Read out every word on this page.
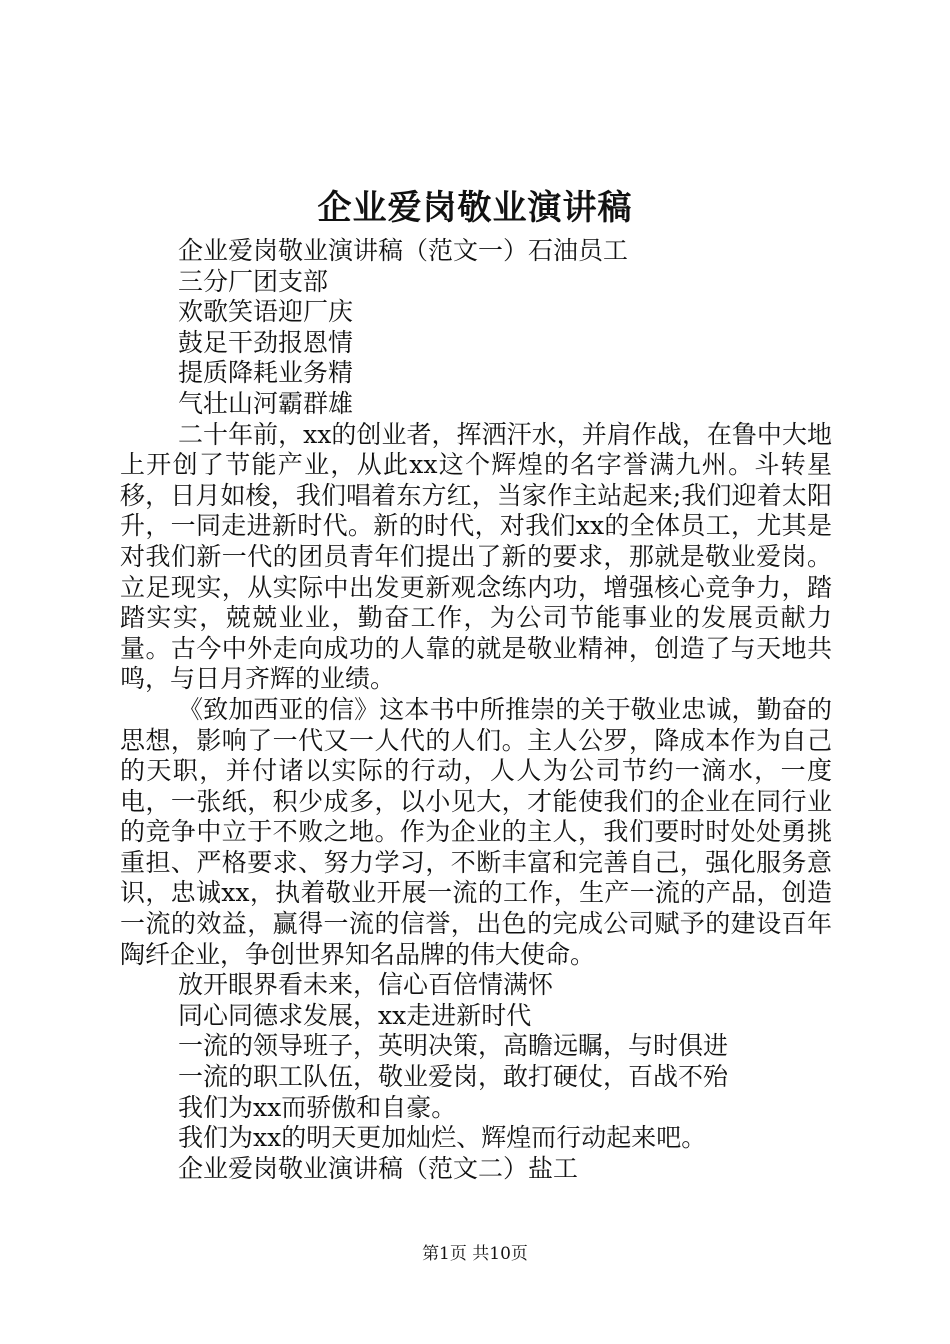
企业爱岗敬业演讲稿

企业爱岗敬业演讲稿（范文一）石油员工

三分厂团支部

欢歌笑语迎厂庆

鼓足干劲报恩情

提质降耗业务精

气壮山河霸群雄

二十年前，xx的创业者，挥洒汗水，并肩作战，在鲁中大地上开创了节能产业，从此xx这个辉煌的名字誉满九州。斗转星移，日月如梭，我们唱着东方红，当家作主站起来;我们迎着太阳升，一同走进新时代。新的时代，对我们xx的全体员工，尤其是对我们新一代的团员青年们提出了新的要求，那就是敬业爱岗。立足现实，从实际中出发更新观念练内功，增强核心竞争力，踏踏实实，兢兢业业，勤奋工作，为公司节能事业的发展贡献力量。古今中外走向成功的人靠的就是敬业精神，创造了与天地共鸣，与日月齐辉的业绩。

《致加西亚的信》这本书中所推崇的关于敬业忠诚，勤奋的思想，影响了一代又一人代的人们。主人公罗，降成本作为自己的天职，并付诸以实际的行动，人人为公司节约一滴水，一度电，一张纸，积少成多，以小见大，才能使我们的企业在同行业的竞争中立于不败之地。作为企业的主人，我们要时时处处勇挑重担、严格要求、努力学习，不断丰富和完善自己，强化服务意识，忠诚xx，执着敬业开展一流的工作，生产一流的产品，创造一流的效益，赢得一流的信誉，出色的完成公司赋予的建设百年陶纤企业，争创世界知名品牌的伟大使命。

放开眼界看未来，信心百倍情满怀

同心同德求发展，xx走进新时代

一流的领导班子，英明决策，高瞻远瞩，与时俱进

一流的职工队伍，敬业爱岗，敢打硬仗，百战不殆

我们为xx而骄傲和自豪。

我们为xx的明天更加灿烂、辉煌而行动起来吧。

企业爱岗敬业演讲稿（范文二）盐工

第1页 共10页
